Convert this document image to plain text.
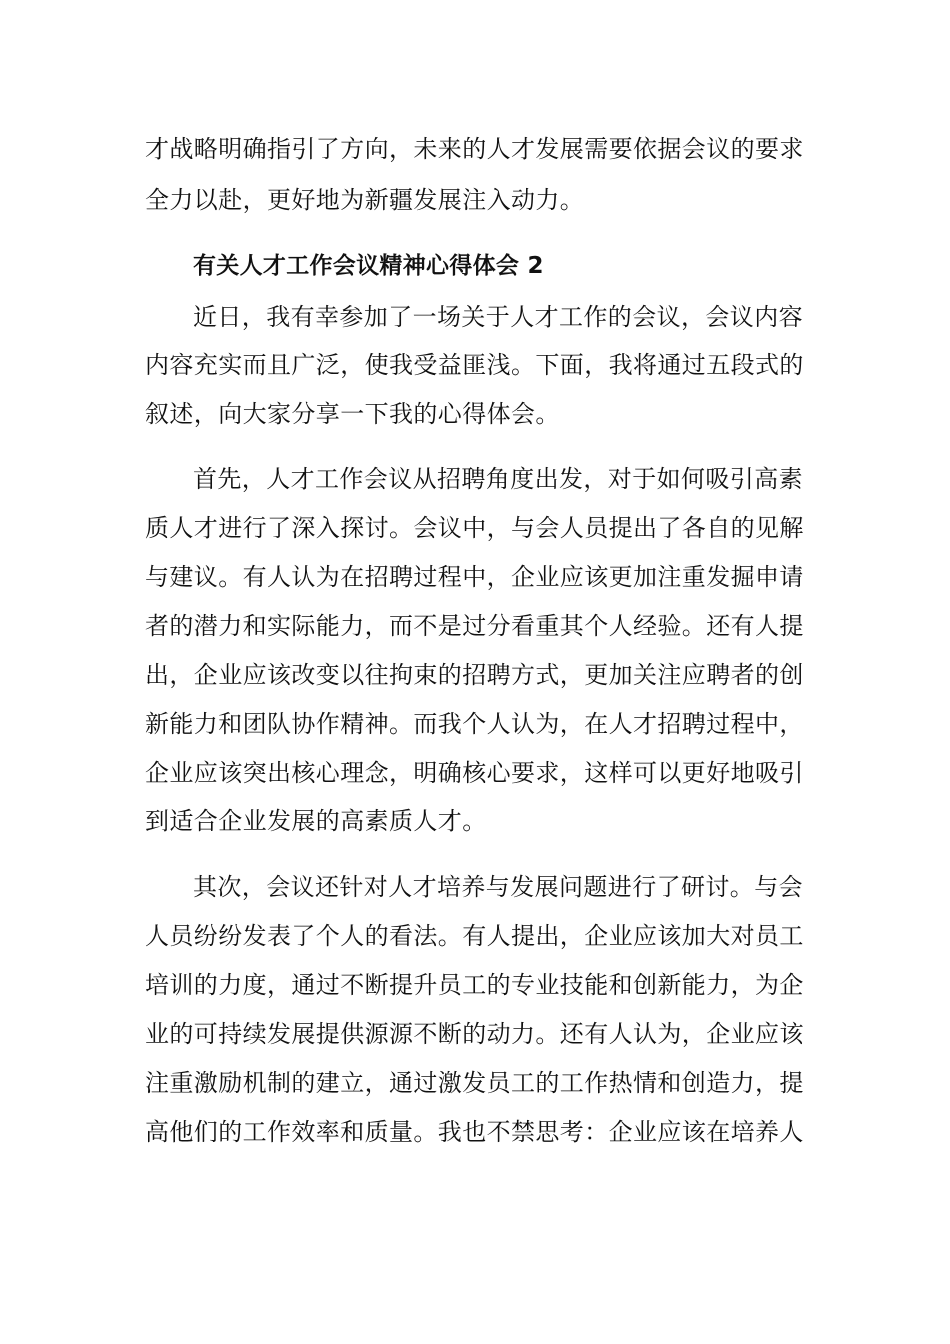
才战略明确指引了方向，未来的人才发展需要依据会议的要求
全力以赴，更好地为新疆发展注入动力。
有关人才工作会议精神心得体会 2
近日，我有幸参加了一场关于人才工作的会议，会议内容
内容充实而且广泛，使我受益匪浅。下面，我将通过五段式的
叙述，向大家分享一下我的心得体会。
首先，人才工作会议从招聘角度出发，对于如何吸引高素
质人才进行了深入探讨。会议中，与会人员提出了各自的见解
与建议。有人认为在招聘过程中，企业应该更加注重发掘申请
者的潜力和实际能力，而不是过分看重其个人经验。还有人提
出，企业应该改变以往拘束的招聘方式，更加关注应聘者的创
新能力和团队协作精神。而我个人认为，在人才招聘过程中，
企业应该突出核心理念，明确核心要求，这样可以更好地吸引
到适合企业发展的高素质人才。
其次，会议还针对人才培养与发展问题进行了研讨。与会
人员纷纷发表了个人的看法。有人提出，企业应该加大对员工
培训的力度，通过不断提升员工的专业技能和创新能力，为企
业的可持续发展提供源源不断的动力。还有人认为，企业应该
注重激励机制的建立，通过激发员工的工作热情和创造力，提
高他们的工作效率和质量。我也不禁思考：企业应该在培养人
